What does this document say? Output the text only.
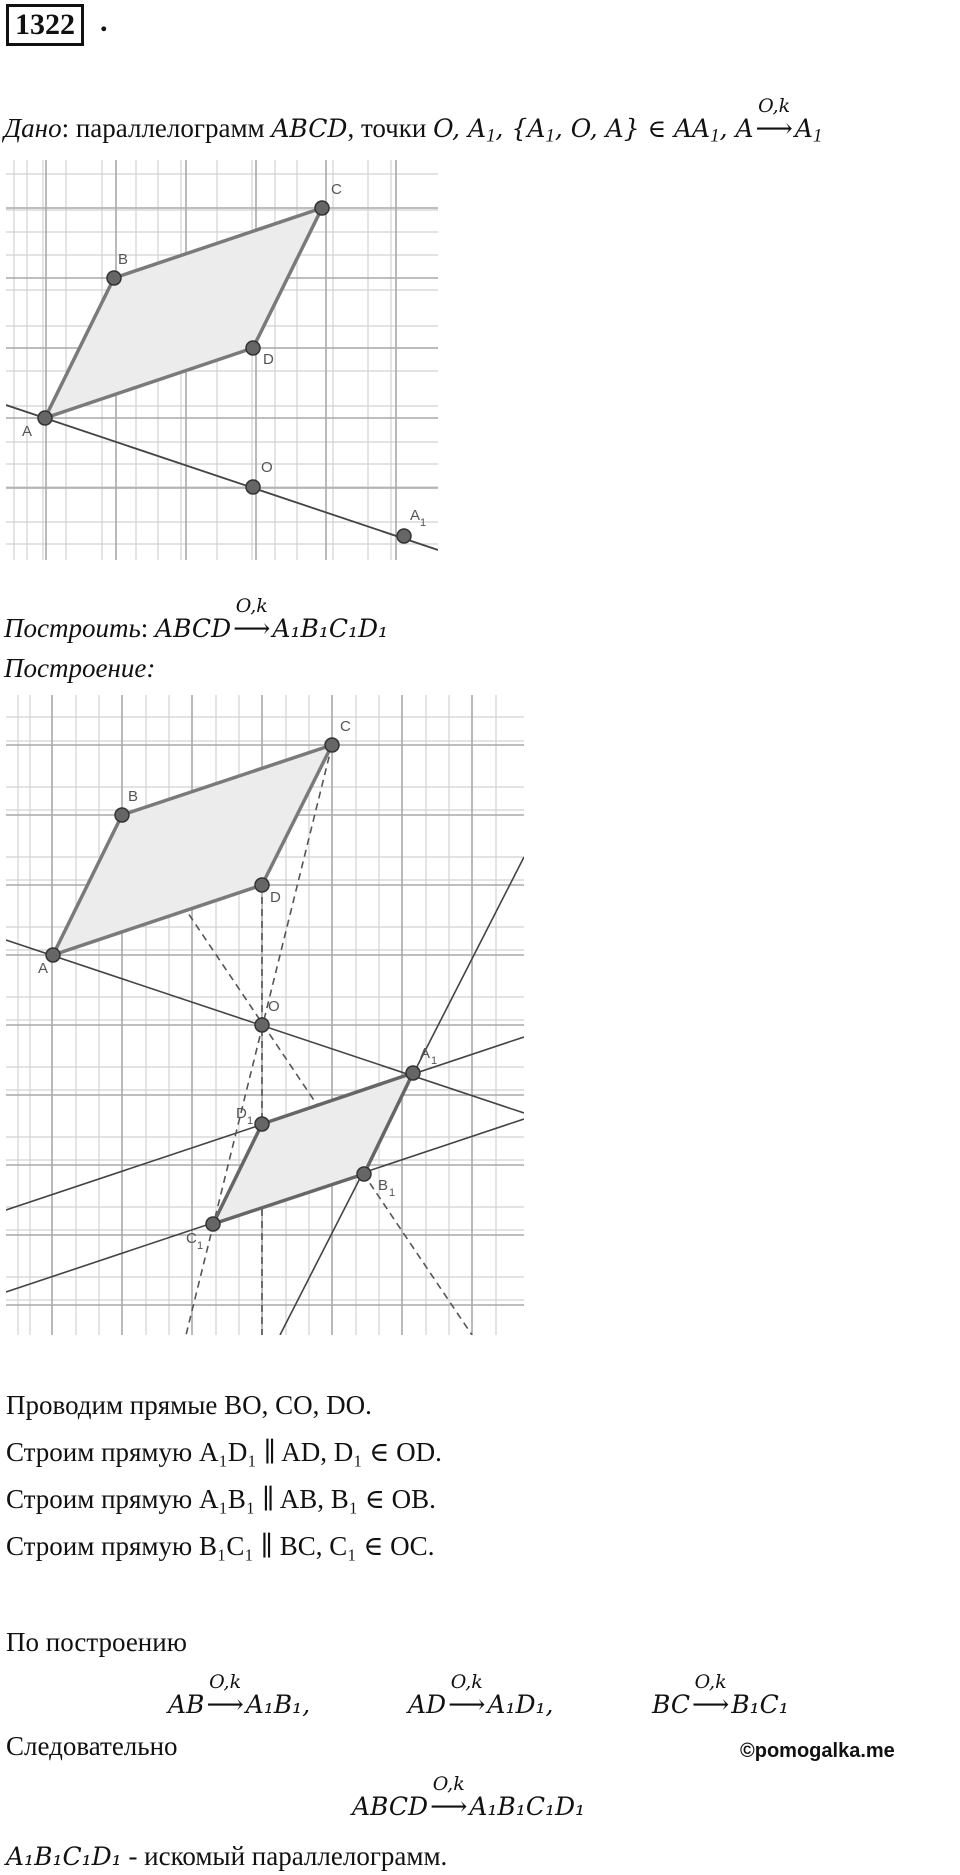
1322 .
Дано: параллелограмм ABCD, точки O, $A_1$, {$A_1$, O, A} ∈ $AA_1$, A
O,k
$⟶A_1$
A
B
C
D
O
A 1
Построить: ABCD
O,k
⟶A₁B₁C₁D₁
Построение:
A
B
C
D
O
A 1
B 1
C 1
D 1
Проводим прямые BO, CO, DO.
Строим прямую A₁D₁ ∥ AD, D₁ ∈ OD.
Строим прямую A₁B₁ ∥ AB, B₁ ∈ OB.
Строим прямую B₁C₁ ∥ BC, C₁ ∈ OC.
По построению
AB
O,k
⟶A₁B₁,	AD
O,k
⟶A₁D₁,	BC
O,k
⟶B₁C₁
Следовательно	©pomogalka.me
ABCD
O,k
⟶A₁B₁C₁D₁
A₁B₁C₁D₁ - искомый параллелограмм.
